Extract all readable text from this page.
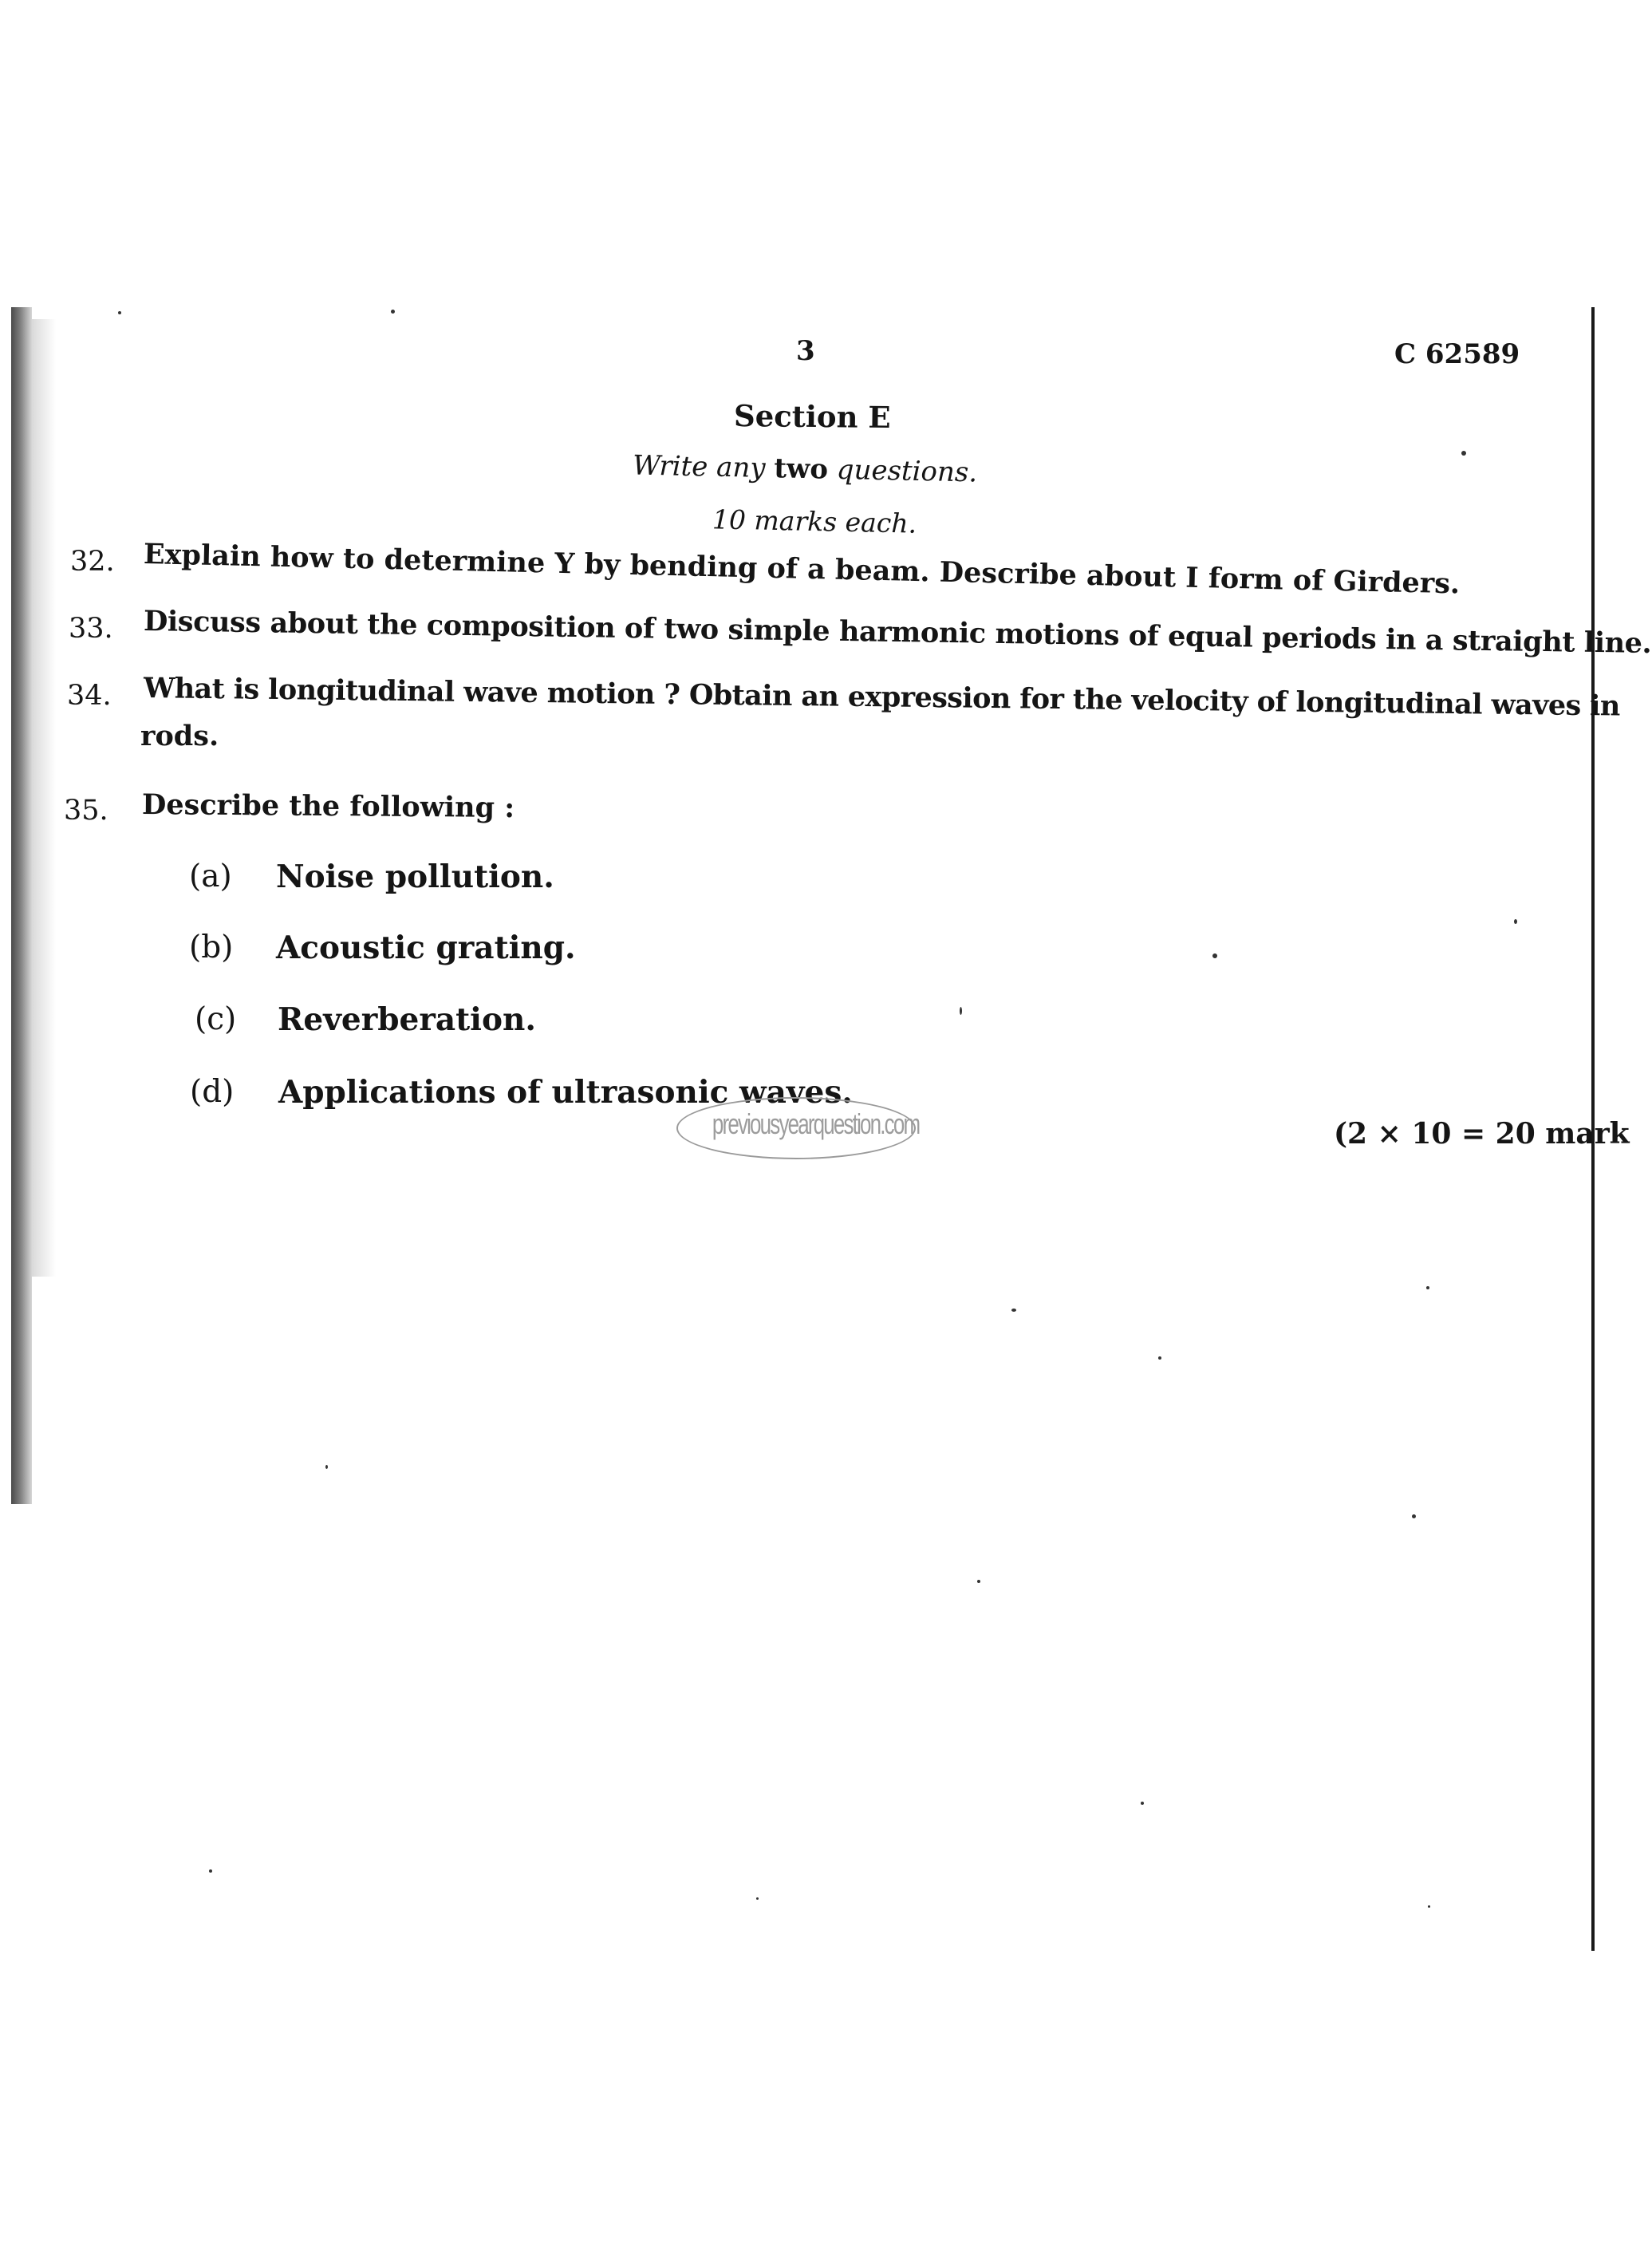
3	C 62589
Section E
Write any two questions.
10 marks each.
32. Explain how to determine Y by bending of a beam. Describe about I form of Girders.
33. Discuss about the composition of two simple harmonic motions of equal periods in a straight line.
34. What is longitudinal wave motion ? Obtain an expression for the velocity of longitudinal waves in
rods.
35. Describe the following :
(a) Noise pollution.
(b) Acoustic grating.
(c) Reverberation.
(d) Applications of ultrasonic waves.
previousyearquestion.com	(2 × 10 = 20 mark
